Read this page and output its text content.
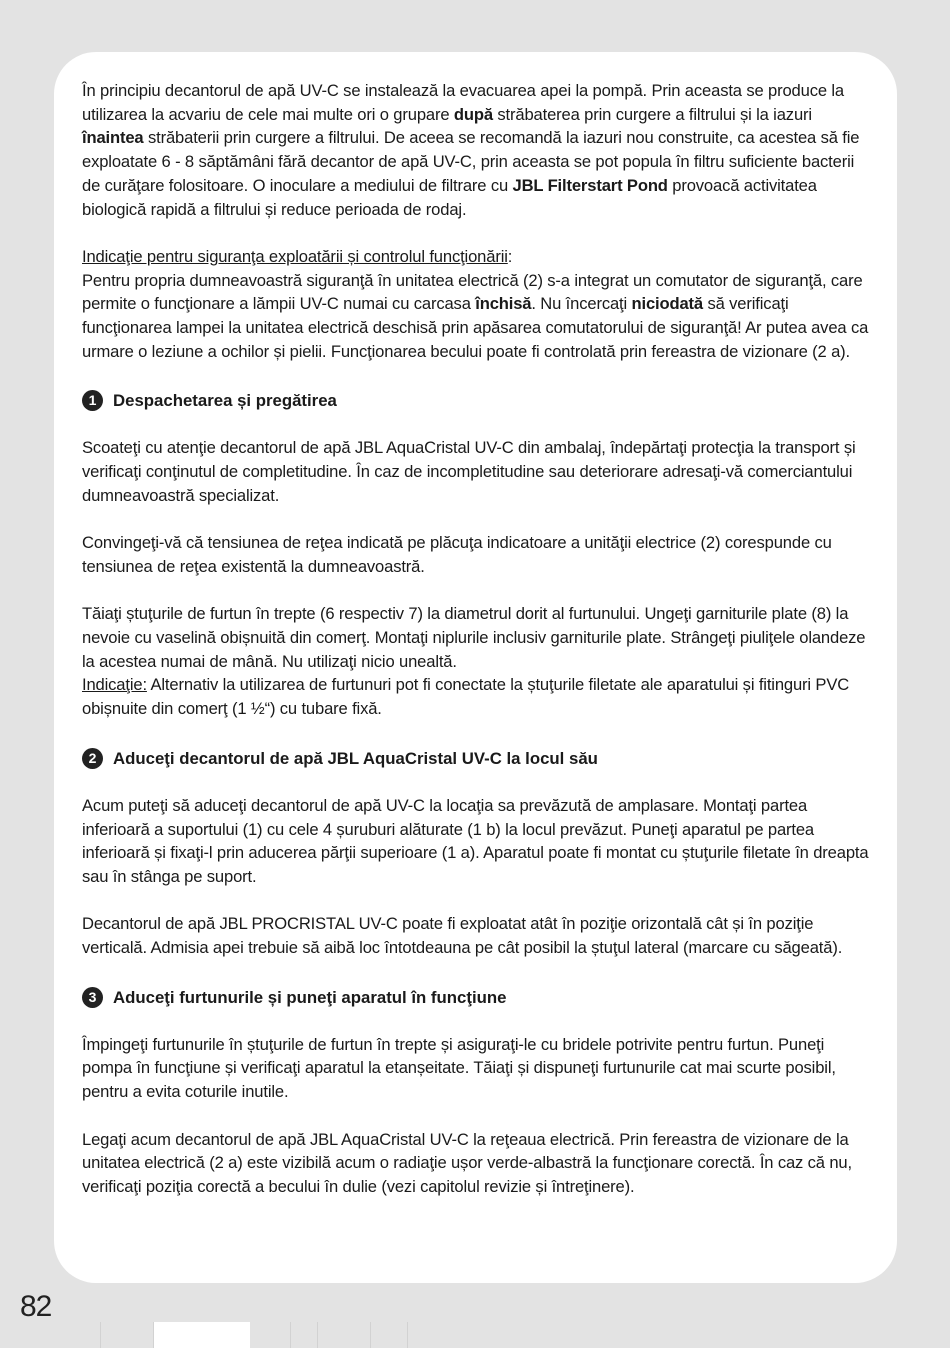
În principiu decantorul de apă UV-C se instalează la evacuarea apei la pompă. Prin aceasta se produce la utilizarea la acvariu de cele mai multe ori o grupare după străbaterea prin curgere a filtrului și la iazuri înaintea străbaterii prin curgere a filtrului. De aceea se recomandă la iazuri nou construite, ca acestea să fie exploatate 6 - 8 săptămâni fără decantor de apă UV-C, prin aceasta se pot popula în filtru suficiente bacterii de curăţare folositoare. O inoculare a mediului de filtrare cu JBL Filterstart Pond provoacă activitatea biologică rapidă a filtrului și reduce perioada de rodaj.

Indicaţie pentru siguranţa exploatării și controlul funcţionării:

Pentru propria dumneavoastră siguranţă în unitatea electrică (2) s-a integrat un comutator de siguranţă, care permite o funcţionare a lămpii UV-C numai cu carcasa închisă. Nu încercaţi niciodată să verificaţi funcţionarea lampei la unitatea electrică deschisă prin apăsarea comutatorului de siguranţă! Ar putea avea ca urmare o leziune a ochilor și pielii. Funcţionarea becului poate fi controlată prin fereastra de vizionare (2 a).

1 Despachetarea și pregătirea

Scoateţi cu atenţie decantorul de apă JBL AquaCristal UV-C din ambalaj, îndepărtaţi protecţia la transport și verificaţi conţinutul de completitudine. În caz de incompletitudine sau deteriorare adresaţi-vă comerciantului dumneavoastră specializat.

Convingeţi-vă că tensiunea de reţea indicată pe plăcuţa indicatoare a unităţii electrice (2) corespunde cu tensiunea de reţea existentă la dumneavoastră.

Tăiaţi ștuţurile de furtun în trepte (6 respectiv 7) la diametrul dorit al furtunului. Ungeţi garniturile plate (8) la nevoie cu vaselină obișnuită din comerţ. Montaţi niplurile inclusiv garniturile plate. Strângeţi piuliţele olandeze la acestea numai de mână. Nu utilizaţi nicio unealtă.

Indicaţie: Alternativ la utilizarea de furtunuri pot fi conectate la ștuţurile filetate ale aparatului și fitinguri PVC obișnuite din comerţ (1 ½“) cu tubare fixă.

2 Aduceţi decantorul de apă JBL AquaCristal UV-C la locul său

Acum puteţi să aduceţi decantorul de apă UV-C la locaţia sa prevăzută de amplasare. Montaţi partea inferioară a suportului (1) cu cele 4 șuruburi alăturate (1 b) la locul prevăzut. Puneţi aparatul pe partea inferioară și fixaţi-l prin aducerea părţii superioare (1 a). Aparatul poate fi montat cu ștuţurile filetate în dreapta sau în stânga pe suport.

Decantorul de apă JBL PROCRISTAL UV-C poate fi exploatat atât în poziţie orizontală cât și în poziţie verticală. Admisia apei trebuie să aibă loc întotdeauna pe cât posibil la ștuţul lateral (marcare cu săgeată).

3 Aduceţi furtunurile și puneţi aparatul în funcţiune

Împingeţi furtunurile în ștuţurile de furtun în trepte și asiguraţi-le cu bridele potrivite pentru furtun. Puneţi pompa în funcţiune și verificaţi aparatul la etanșeitate. Tăiaţi și dispuneţi furtunurile cat mai scurte posibil, pentru a evita coturile inutile.

Legaţi acum decantorul de apă JBL AquaCristal UV-C la reţeaua electrică. Prin fereastra de vizionare de la unitatea electrică (2 a) este vizibilă acum o radiaţie ușor verde-albastră la funcţionare corectă. În caz că nu, verificaţi poziţia corectă a becului în dulie (vezi capitolul revizie și întreţinere).

82
